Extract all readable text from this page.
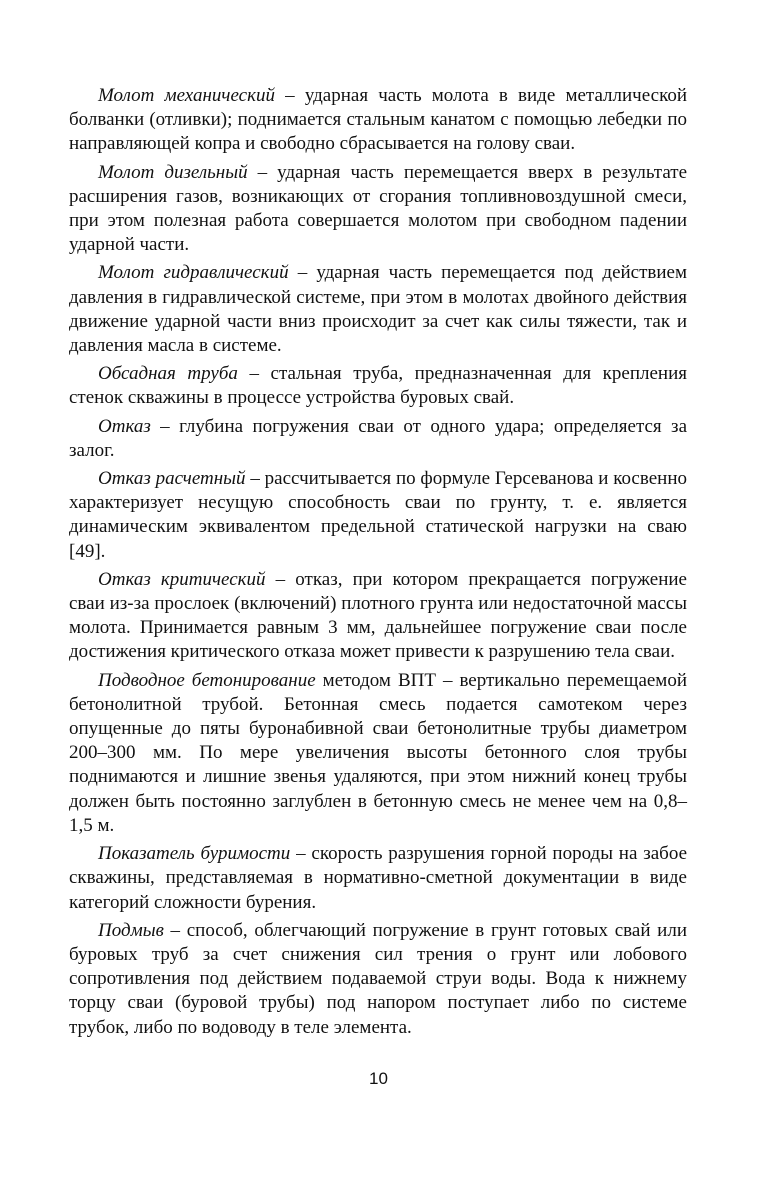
Молот механический – ударная часть молота в виде металлической болванки (отливки); поднимается стальным канатом с помощью лебедки по направляющей копра и свободно сбрасывается на голову сваи.

Молот дизельный – ударная часть перемещается вверх в результате расширения газов, возникающих от сгорания топливновоздушной смеси, при этом полезная работа совершается молотом при свободном падении ударной части.

Молот гидравлический – ударная часть перемещается под действием давления в гидравлической системе, при этом в молотах двойного действия движение ударной части вниз происходит за счет как силы тяжести, так и давления масла в системе.

Обсадная труба – стальная труба, предназначенная для крепления стенок скважины в процессе устройства буровых свай.

Отказ – глубина погружения сваи от одного удара; определяется за залог.

Отказ расчетный – рассчитывается по формуле Герсеванова и косвенно характеризует несущую способность сваи по грунту, т. е. является динамическим эквивалентом предельной статической нагрузки на сваю [49].

Отказ критический – отказ, при котором прекращается погружение сваи из-за прослоек (включений) плотного грунта или недостаточной массы молота. Принимается равным 3 мм, дальнейшее погружение сваи после достижения критического отказа может привести к разрушению тела сваи.

Подводное бетонирование методом ВПТ – вертикально перемещаемой бетонолитной трубой. Бетонная смесь подается самотеком через опущенные до пяты буронабивной сваи бетонолитные трубы диаметром 200–300 мм. По мере увеличения высоты бетонного слоя трубы поднимаются и лишние звенья удаляются, при этом нижний конец трубы должен быть постоянно заглублен в бетонную смесь не менее чем на 0,8–1,5 м.

Показатель буримости – скорость разрушения горной породы на забое скважины, представляемая в нормативно-сметной документации в виде категорий сложности бурения.

Подмыв – способ, облегчающий погружение в грунт готовых свай или буровых труб за счет снижения сил трения о грунт или лобового сопротивления под действием подаваемой струи воды. Вода к нижнему торцу сваи (буровой трубы) под напором поступает либо по системе трубок, либо по водоводу в теле элемента.

10
